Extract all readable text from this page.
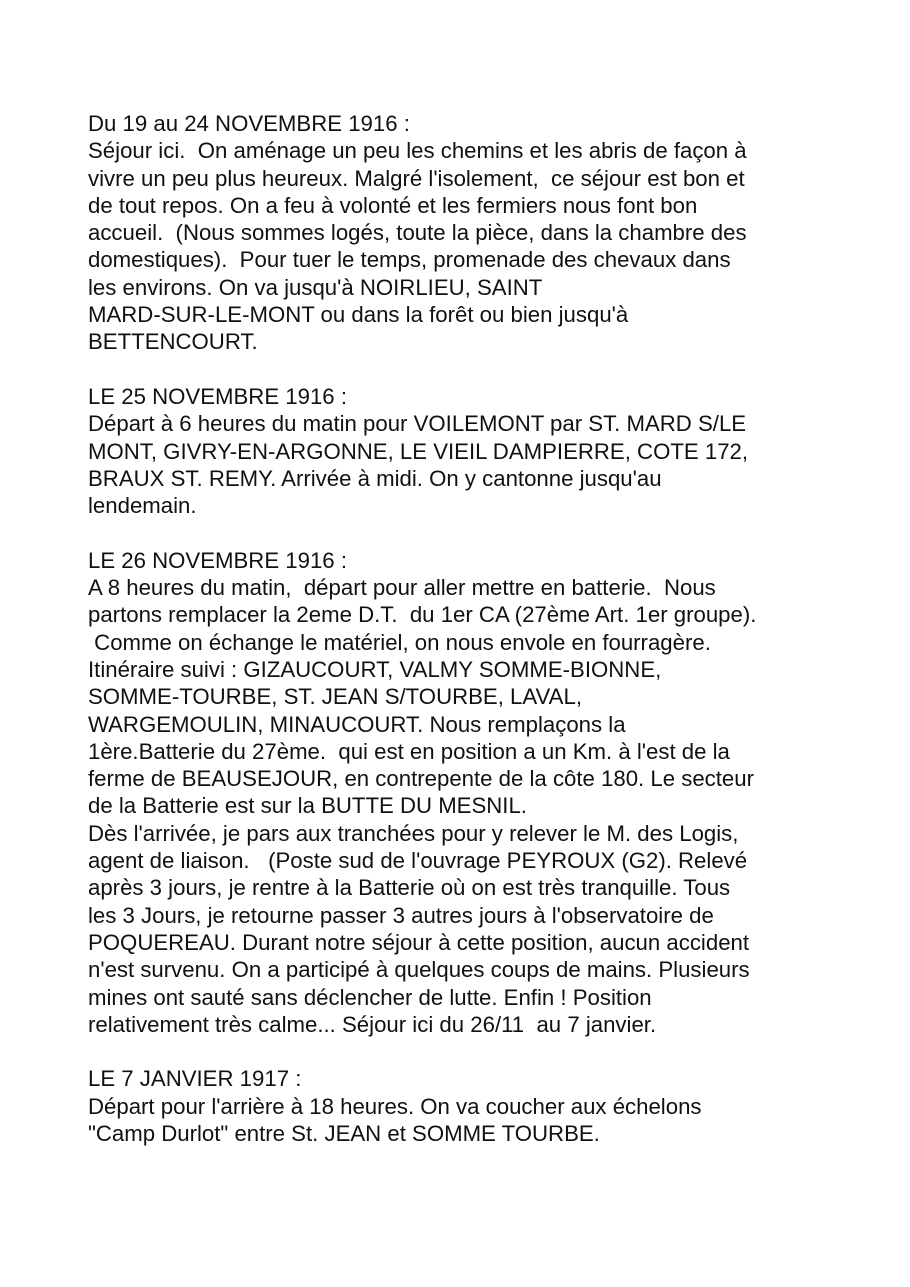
Du 19 au 24 NOVEMBRE 1916 :
Séjour ici.  On aménage un peu les chemins et les abris de façon à
vivre un peu plus heureux. Malgré l'isolement,  ce séjour est bon et
de tout repos. On a feu à volonté et les fermiers nous font bon
accueil.  (Nous sommes logés, toute la pièce, dans la chambre des
domestiques).  Pour tuer le temps, promenade des chevaux dans
les environs. On va jusqu'à NOIRLIEU, SAINT
MARD-SUR-LE-MONT ou dans la forêt ou bien jusqu'à
BETTENCOURT.
LE 25 NOVEMBRE 1916 :
Départ à 6 heures du matin pour VOILEMONT par ST. MARD S/LE
MONT, GIVRY-EN-ARGONNE, LE VIEIL DAMPIERRE, COTE 172,
BRAUX ST. REMY. Arrivée à midi. On y cantonne jusqu'au
lendemain.
LE 26 NOVEMBRE 1916 :
A 8 heures du matin,  départ pour aller mettre en batterie.  Nous
partons remplacer la 2eme D.T.  du 1er CA (27ème Art. 1er groupe).
Comme on échange le matériel, on nous envole en fourragère.
Itinéraire suivi : GIZAUCOURT, VALMY SOMME-BIONNE,
SOMME-TOURBE, ST. JEAN S/TOURBE, LAVAL,
WARGEMOULIN, MINAUCOURT. Nous remplaçons la
1ère.Batterie du 27ème.  qui est en position a un Km. à l'est de la
ferme de BEAUSEJOUR, en contrepente de la côte 180. Le secteur
de la Batterie est sur la BUTTE DU MESNIL.
Dès l'arrivée, je pars aux tranchées pour y relever le M. des Logis,
agent de liaison.   (Poste sud de l'ouvrage PEYROUX (G2). Relevé
après 3 jours, je rentre à la Batterie où on est très tranquille. Tous
les 3 Jours, je retourne passer 3 autres jours à l'observatoire de
POQUEREAU. Durant notre séjour à cette position, aucun accident
n'est survenu. On a participé à quelques coups de mains. Plusieurs
mines ont sauté sans déclencher de lutte. Enfin ! Position
relativement très calme... Séjour ici du 26/11  au 7 janvier.
LE 7 JANVIER 1917 :
Départ pour l'arrière à 18 heures. On va coucher aux échelons
"Camp Durlot" entre St. JEAN et SOMME TOURBE.
